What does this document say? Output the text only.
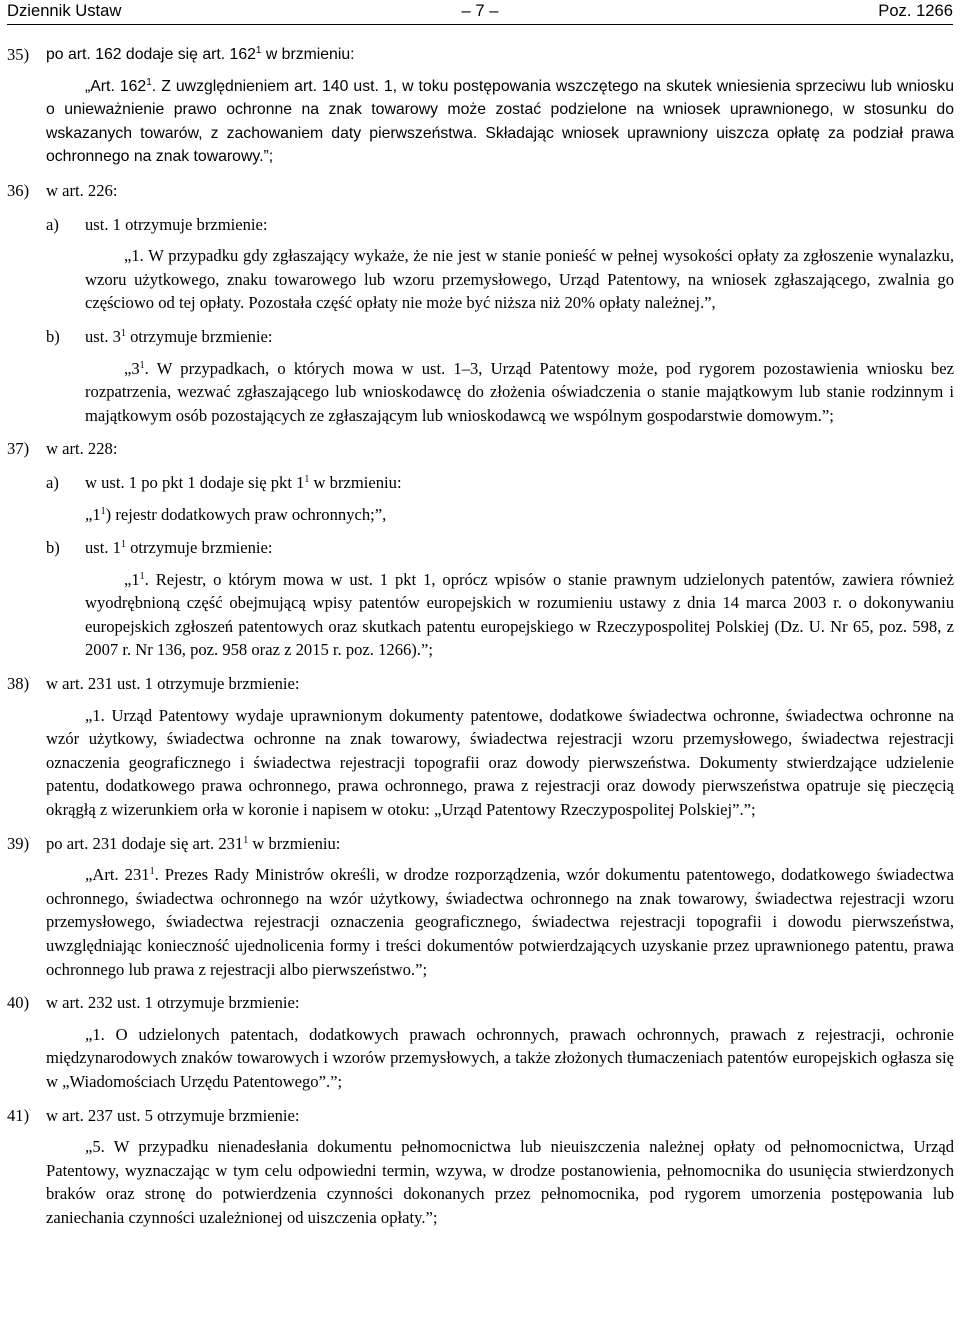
Dziennik Ustaw	– 7 –	Poz. 1266
35) po art. 162 dodaje się art. $162^1$ w brzmieniu:

„Art. $162^1$. Z uwzględnieniem art. 140 ust. 1, w toku postępowania wszczętego na skutek wniesienia sprzeciwu lub wniosku o unieważnienie prawo ochronne na znak towarowy może zostać podzielone na wniosek uprawnionego, w stosunku do wskazanych towarów, z zachowaniem daty pierwszeństwa. Składając wniosek uprawniony uiszcza opłatę za podział prawa ochronnego na znak towarowy.”;

36) w art. 226:

a) ust. 1 otrzymuje brzmienie:

„1. W przypadku gdy zgłaszający wykaże, że nie jest w stanie ponieść w pełnej wysokości opłaty za zgłoszenie wynalazku, wzoru użytkowego, znaku towarowego lub wzoru przemysłowego, Urząd Patentowy, na wniosek zgłaszającego, zwalnia go częściowo od tej opłaty. Pozostała część opłaty nie może być niższa niż 20% opłaty należnej.”,

b) ust. $3^1$ otrzymuje brzmienie:

$„3^1$. W przypadkach, o których mowa w ust. 1–3, Urząd Patentowy może, pod rygorem pozostawienia wniosku bez rozpatrzenia, wezwać zgłaszającego lub wnioskodawcę do złożenia oświadczenia o stanie majątkowym lub stanie rodzinnym i majątkowym osób pozostających ze zgłaszającym lub wnioskodawcą we wspólnym gospodarstwie domowym.”;

37) w art. 228:

a) w ust. 1 po pkt 1 dodaje się pkt $1^1$ w brzmieniu:

$„1^1$) rejestr dodatkowych praw ochronnych;”,

b) ust. $1^1$ otrzymuje brzmienie:

$„1^1$. Rejestr, o którym mowa w ust. 1 pkt 1, oprócz wpisów o stanie prawnym udzielonych patentów, zawiera również wyodrębnioną część obejmującą wpisy patentów europejskich w rozumieniu ustawy z dnia 14 marca 2003 r. o dokonywaniu europejskich zgłoszeń patentowych oraz skutkach patentu europejskiego w Rzeczypospolitej Polskiej (Dz. U. Nr 65, poz. 598, z 2007 r. Nr 136, poz. 958 oraz z 2015 r. poz. 1266).”;

38) w art. 231 ust. 1 otrzymuje brzmienie:

„1. Urząd Patentowy wydaje uprawnionym dokumenty patentowe, dodatkowe świadectwa ochronne, świadectwa ochronne na wzór użytkowy, świadectwa ochronne na znak towarowy, świadectwa rejestracji wzoru przemysłowego, świadectwa rejestracji oznaczenia geograficznego i świadectwa rejestracji topografii oraz dowody pierwszeństwa. Dokumenty stwierdzające udzielenie patentu, dodatkowego prawa ochronnego, prawa ochronnego, prawa z rejestracji oraz dowody pierwszeństwa opatruje się pieczęcią okrągłą z wizerunkiem orła w koronie i napisem w otoku: „Urząd Patentowy Rzeczypospolitej Polskiej”.”;

39) po art. 231 dodaje się art. $231^1$ w brzmieniu:

„Art. $231^1$. Prezes Rady Ministrów określi, w drodze rozporządzenia, wzór dokumentu patentowego, dodatkowego świadectwa ochronnego, świadectwa ochronnego na wzór użytkowy, świadectwa ochronnego na znak towarowy, świadectwa rejestracji wzoru przemysłowego, świadectwa rejestracji oznaczenia geograficznego, świadectwa rejestracji topografii i dowodu pierwszeństwa, uwzględniając konieczność ujednolicenia formy i treści dokumentów potwierdzających uzyskanie przez uprawnionego patentu, prawa ochronnego lub prawa z rejestracji albo pierwszeństwo.”;

40) w art. 232 ust. 1 otrzymuje brzmienie:

„1. O udzielonych patentach, dodatkowych prawach ochronnych, prawach ochronnych, prawach z rejestracji, ochronie międzynarodowych znaków towarowych i wzorów przemysłowych, a także złożonych tłumaczeniach patentów europejskich ogłasza się w „Wiadomościach Urzędu Patentowego”.”;

41) w art. 237 ust. 5 otrzymuje brzmienie:

„5. W przypadku nienadesłania dokumentu pełnomocnictwa lub nieuiszczenia należnej opłaty od pełnomocnictwa, Urząd Patentowy, wyznaczając w tym celu odpowiedni termin, wzywa, w drodze postanowienia, pełnomocnika do usunięcia stwierdzonych braków oraz stronę do potwierdzenia czynności dokonanych przez pełnomocnika, pod rygorem umorzenia postępowania lub zaniechania czynności uzależnionej od uiszczenia opłaty.”;
